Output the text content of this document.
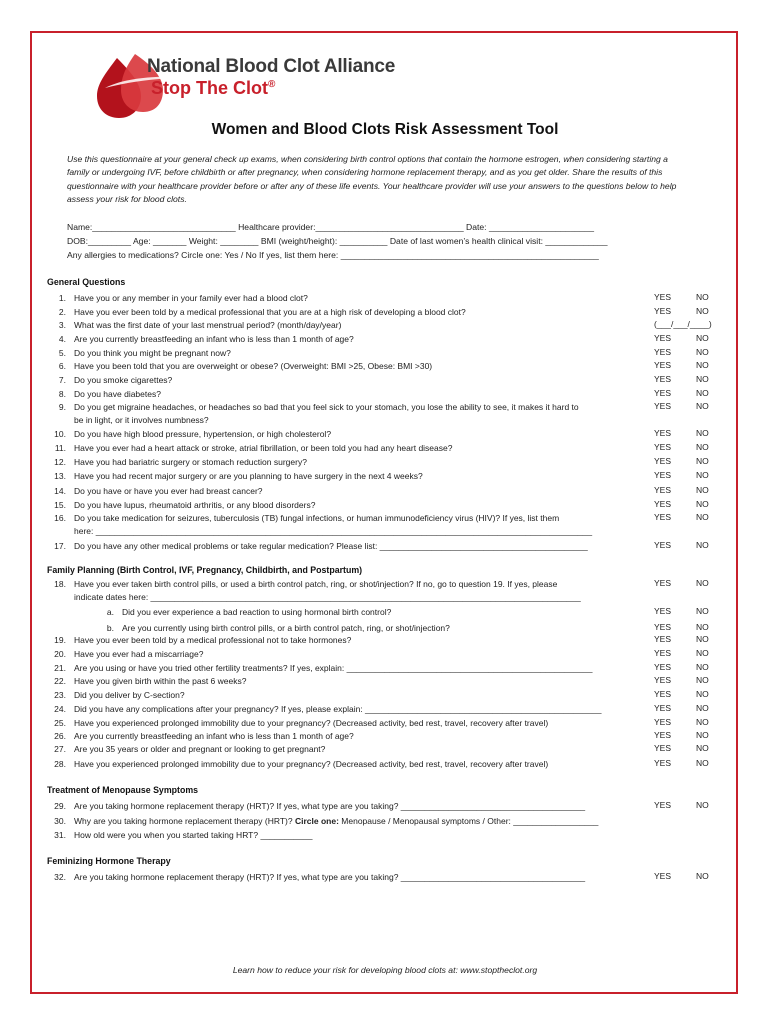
National Blood Clot Alliance
Stop The Clot®
Women and Blood Clots Risk Assessment Tool
Use this questionnaire at your general check up exams, when considering birth control options that contain the hormone estrogen, when considering starting a family or undergoing IVF, before childbirth or after pregnancy, when considering hormone replacement therapy, and as you get older. Share the results of this questionnaire with your healthcare provider before or after any of these life events. Your healthcare provider will use your answers to the questions below to help assess your risk for blood clots.
Name:______________________________ Healthcare provider:_______________________________ Date: ______________________
DOB:_________ Age: _______ Weight: ________ BMI (weight/height): __________ Date of last women’s health clinical visit: _____________
Any allergies to medications? Circle one: Yes / No If yes, list them here: ______________________________________________________
General Questions
Family Planning (Birth Control, IVF, Pregnancy, Childbirth, and Postpartum)
Treatment of Menopause Symptoms
Feminizing Hormone Therapy
1. Have you or any member in your family ever had a blood clot?	YES	NO
2. Have you ever been told by a medical professional that you are at a high risk of developing a blood clot?	YES	NO
3. What was the first date of your last menstrual period? (month/day/year)	(___/___/____)
4. Are you currently breastfeeding an infant who is less than 1 month of age?	YES	NO
5. Do you think you might be pregnant now?	YES	NO
6. Have you been told that you are overweight or obese? (Overweight: BMI >25, Obese: BMI >30)	YES	NO
7. Do you smoke cigarettes?	YES	NO
8. Do you have diabetes?	YES	NO
9. Do you get migraine headaches, or headaches so bad that you feel sick to your stomach, you lose the ability to see, it makes it hard to
be in light, or it involves numbness?
YES	NO
10. Do you have high blood pressure, hypertension, or high cholesterol?	YES	NO
11. Have you ever had a heart attack or stroke, atrial fibrillation, or been told you had any heart disease?	YES	NO
12. Have you had bariatric surgery or stomach reduction surgery?	YES	NO
13. Have you had recent major surgery or are you planning to have surgery in the next 4 weeks?	YES	NO
14. Do you have or have you ever had breast cancer?	YES	NO
15. Do you have lupus, rheumatoid arthritis, or any blood disorders?	YES	NO
16. Do you take medication for seizures, tuberculosis (TB) fungal infections, or human immunodeficiency virus (HIV)? If yes, list them
here: _________________________________________________________________________________________________________
YES	NO
17. Do you have any other medical problems or take regular medication? Please list: ____________________________________________	YES	NO
18. Have you ever taken birth control pills, or used a birth control patch, ring, or shot/injection? If no, go to question 19. If yes, please
indicate dates here: ___________________________________________________________________________________________
YES	NO
a. Did you ever experience a bad reaction to using hormonal birth control?	YES	NO
b. Are you currently using birth control pills, or a birth control patch, ring, or shot/injection?	YES	NO
19. Have you ever been told by a medical professional not to take hormones?	YES	NO
20. Have you ever had a miscarriage?	YES	NO
21. Are you using or have you tried other fertility treatments? If yes, explain: ____________________________________________________	YES	NO
22. Have you given birth within the past 6 weeks?	YES	NO
23. Did you deliver by C-section?	YES	NO
24. Did you have any complications after your pregnancy? If yes, please explain: __________________________________________________	YES	NO
25. Have you experienced prolonged immobility due to your pregnancy? (Decreased activity, bed rest, travel, recovery after travel)	YES	NO
26. Are you currently breastfeeding an infant who is less than 1 month of age?	YES	NO
27. Are you 35 years or older and pregnant or looking to get pregnant?	YES	NO
28. Have you experienced prolonged immobility due to your pregnancy? (Decreased activity, bed rest, travel, recovery after travel)	YES	NO
29. Are you taking hormone replacement therapy (HRT)? If yes, what type are you taking? _______________________________________	YES	NO
30. Why are you taking hormone replacement therapy (HRT)? Circle one: Menopause / Menopausal symptoms / Other: __________________
31. How old were you when you started taking HRT? ___________
32. Are you taking hormone replacement therapy (HRT)? If yes, what type are you taking? _______________________________________	YES	NO
Learn how to reduce your risk for developing blood clots at: www.stoptheclot.org
